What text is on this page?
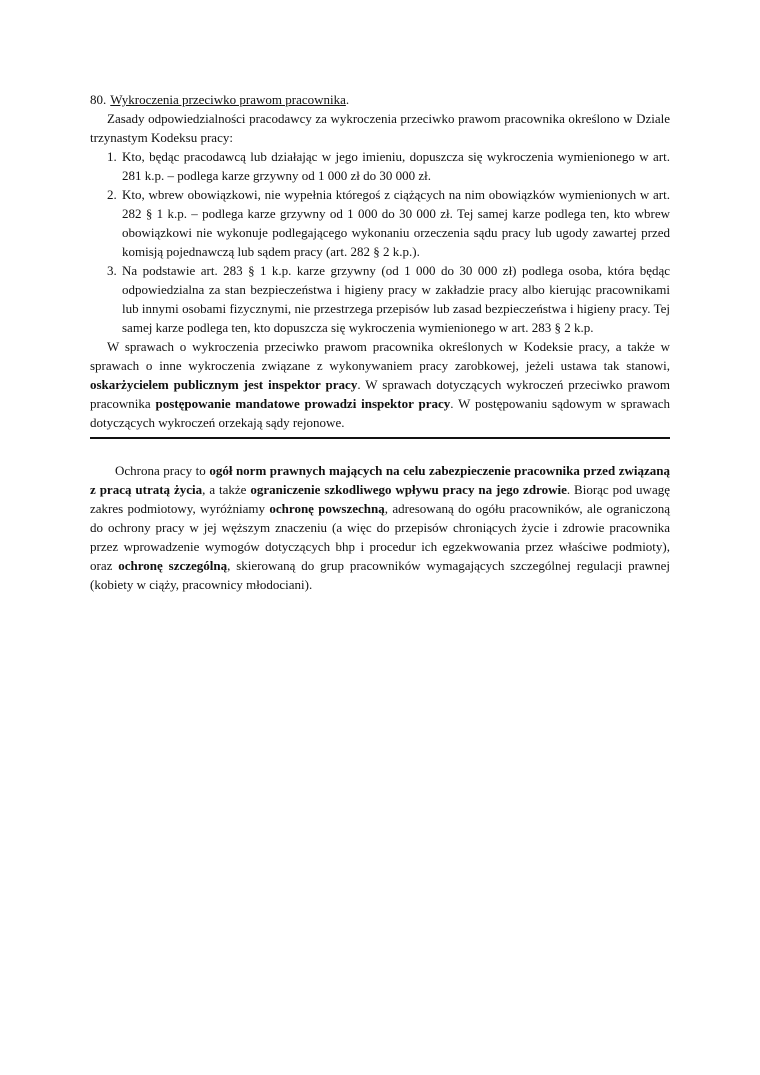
80. Wykroczenia przeciwko prawom pracownika.

Zasady odpowiedzialności pracodawcy za wykroczenia przeciwko prawom pracownika określono w Dziale trzynastym Kodeksu pracy:

1. Kto, będąc pracodawcą lub działając w jego imieniu, dopuszcza się wykroczenia wymienionego w art. 281 k.p. – podlega karze grzywny od 1 000 zł do 30 000 zł.
2. Kto, wbrew obowiązkowi, nie wypełnia któregoś z ciążących na nim obowiązków wymienionych w art. 282 § 1 k.p. – podlega karze grzywny od 1 000 do 30 000 zł. Tej samej karze podlega ten, kto wbrew obowiązkowi nie wykonuje podlegającego wykonaniu orzeczenia sądu pracy lub ugody zawartej przed komisją pojednawczą lub sądem pracy (art. 282 § 2 k.p.).
3. Na podstawie art. 283 § 1 k.p. karze grzywny (od 1 000 do 30 000 zł) podlega osoba, która będąc odpowiedzialna za stan bezpieczeństwa i higieny pracy w zakładzie pracy albo kierując pracownikami lub innymi osobami fizycznymi, nie przestrzega przepisów lub zasad bezpieczeństwa i higieny pracy. Tej samej karze podlega ten, kto dopuszcza się wykroczenia wymienionego w art. 283 § 2 k.p.

W sprawach o wykroczenia przeciwko prawom pracownika określonych w Kodeksie pracy, a także w sprawach o inne wykroczenia związane z wykonywaniem pracy zarobkowej, jeżeli ustawa tak stanowi, oskarżycielem publicznym jest inspektor pracy. W sprawach dotyczących wykroczeń przeciwko prawom pracownika postępowanie mandatowe prowadzi inspektor pracy. W postępowaniu sądowym w sprawach dotyczących wykroczeń orzekają sądy rejonowe.

Ochrona pracy to ogół norm prawnych mających na celu zabezpieczenie pracownika przed związaną z pracą utratą życia, a także ograniczenie szkodliwego wpływu pracy na jego zdrowie. Biorąc pod uwagę zakres podmiotowy, wyróżniamy ochronę powszechną, adresowaną do ogółu pracowników, ale ograniczoną do ochrony pracy w jej węższym znaczeniu (a więc do przepisów chroniących życie i zdrowie pracownika przez wprowadzenie wymogów dotyczących bhp i procedur ich egzekwowania przez właściwe podmioty), oraz ochronę szczególną, skierowaną do grup pracowników wymagających szczególnej regulacji prawnej (kobiety w ciąży, pracownicy młodociani).
